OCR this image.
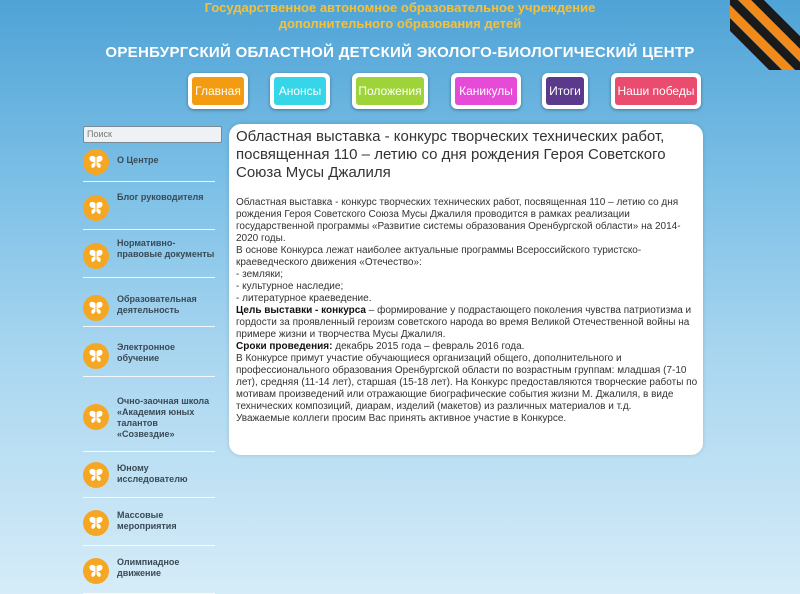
Государственное автономное образовательное учреждение
дополнительного образования детей
ОРЕНБУРГСКИЙ ОБЛАСТНОЙ ДЕТСКИЙ ЭКОЛОГО-БИОЛОГИЧЕСКИЙ ЦЕНТР
Главная	Анонсы	Положения	Каникулы	Итоги	Наши победы
Поиск
О Центре
Блог руководителя
Нормативно-правовые документы
Образовательная деятельность
Электронное обучение
Очно-заочная школа «Академия юных талантов «Созвездие»
Юному исследователю
Массовые мероприятия
Олимпиадное движение
Областная выставка - конкурс творческих технических работ, посвященная 110 – летию со дня рождения Героя Советского Союза Мусы Джалиля

Областная выставка - конкурс творческих технических работ, посвященная 110 – летию со дня рождения Героя Советского Союза Мусы Джалиля проводится в рамках реализации государственной программы «Развитие системы образования Оренбургской области» на 2014-2020 годы.

В основе Конкурса лежат наиболее актуальные программы Всероссийского туристско-краеведческого движения «Отечество»:

- земляки;

- культурное наследие;

- литературное краеведение.

Цель выставки - конкурса – формирование у подрастающего поколения чувства патриотизма и гордости за проявленный героизм советского народа во время Великой Отечественной войны на примере жизни и творчества Мусы Джалиля.

Сроки проведения: декабрь 2015 года – февраль 2016 года.

В Конкурсе примут участие обучающиеся организаций общего, дополнительного и профессионального образования Оренбургской области по возрастным группам: младшая (7-10 лет), средняя (11-14 лет), старшая (15-18 лет). На Конкурс предоставляются творческие работы по мотивам произведений или отражающие биографические события жизни М. Джалиля, в виде технических композиций, диарам, изделий (макетов) из различных материалов и т.д.

Уважаемые коллеги просим Вас принять активное участие в Конкурсе.
